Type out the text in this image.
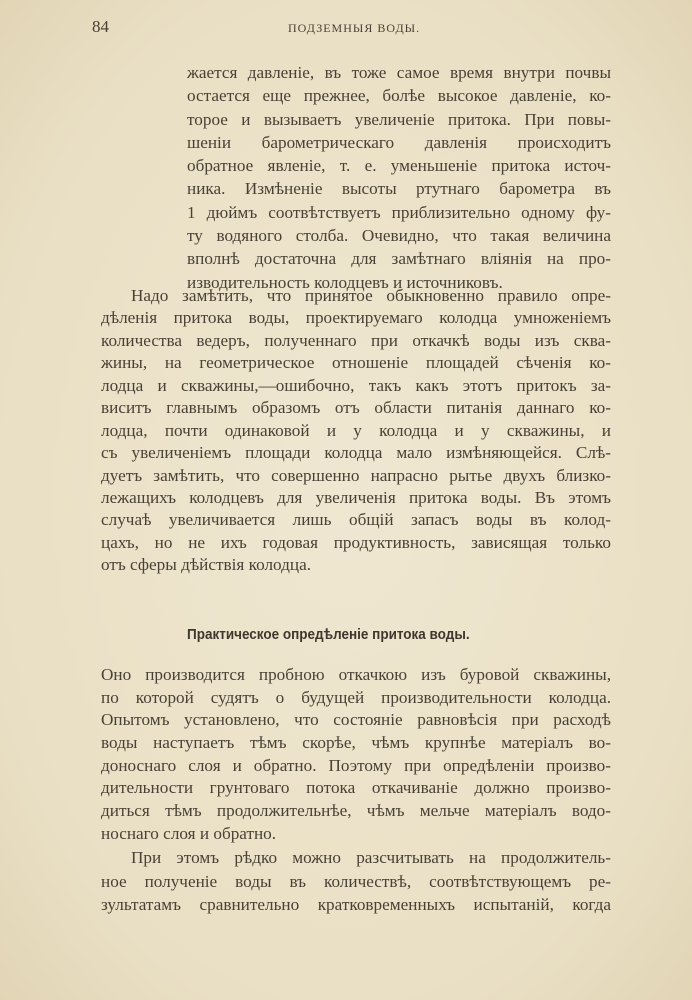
84	ПОДЗЕМНЫЯ ВОДЫ.
жается давленіе, въ тоже самое время внутри почвы
остается еще прежнее, болѣе высокое давленіе, ко-
торое и вызываетъ увеличеніе притока. При повы-
шеніи барометрическаго давленія происходитъ
обратное явленіе, т. е. уменьшеніе притока источ-
ника. Измѣненіе высоты ртутнаго барометра въ
1 дюймъ соотвѣтствуетъ приблизительно одному фу-
ту водяного столба. Очевидно, что такая величина
вполнѣ достаточна для замѣтнаго вліянія на про-
изводительность колодцевъ и источниковъ.
Надо замѣтить, что принятое обыкновенно правило опре-
дѣленія притока воды, проектируемаго колодца умноженіемъ
количества ведеръ, полученнаго при откачкѣ воды изъ сква-
жины, на геометрическое отношеніе площадей сѣченія ко-
лодца и скважины,—ошибочно, такъ какъ этотъ притокъ за-
виситъ главнымъ образомъ отъ области питанія даннаго ко-
лодца, почти одинаковой и у колодца и у скважины, и
съ увеличеніемъ площади колодца мало измѣняющейся. Слѣ-
дуетъ замѣтить, что совершенно напрасно рытье двухъ близко-
лежащихъ колодцевъ для увеличенія притока воды. Въ этомъ
случаѣ увеличивается лишь общій запасъ воды въ колод-
цахъ, но не ихъ годовая продуктивность, зависящая только
отъ сферы дѣйствія колодца.
Практическое опредѣленіе притока воды.
Оно производится пробною откачкою изъ буровой скважины,
по которой судятъ о будущей производительности колодца.
Опытомъ установлено, что состояніе равновѣсія при расходѣ
воды наступаетъ тѣмъ скорѣе, чѣмъ крупнѣе матеріалъ во-
доноснаго слоя и обратно. Поэтому при опредѣленіи произво-
дительности грунтоваго потока откачиваніе должно произво-
диться тѣмъ продолжительнѣе, чѣмъ мельче матеріалъ водо-
носнаго слоя и обратно.
При этомъ рѣдко можно разсчитывать на продолжитель-
ное полученіе воды въ количествѣ, соотвѣтствующемъ ре-
зультатамъ сравнительно кратковременныхъ испытаній, когда
